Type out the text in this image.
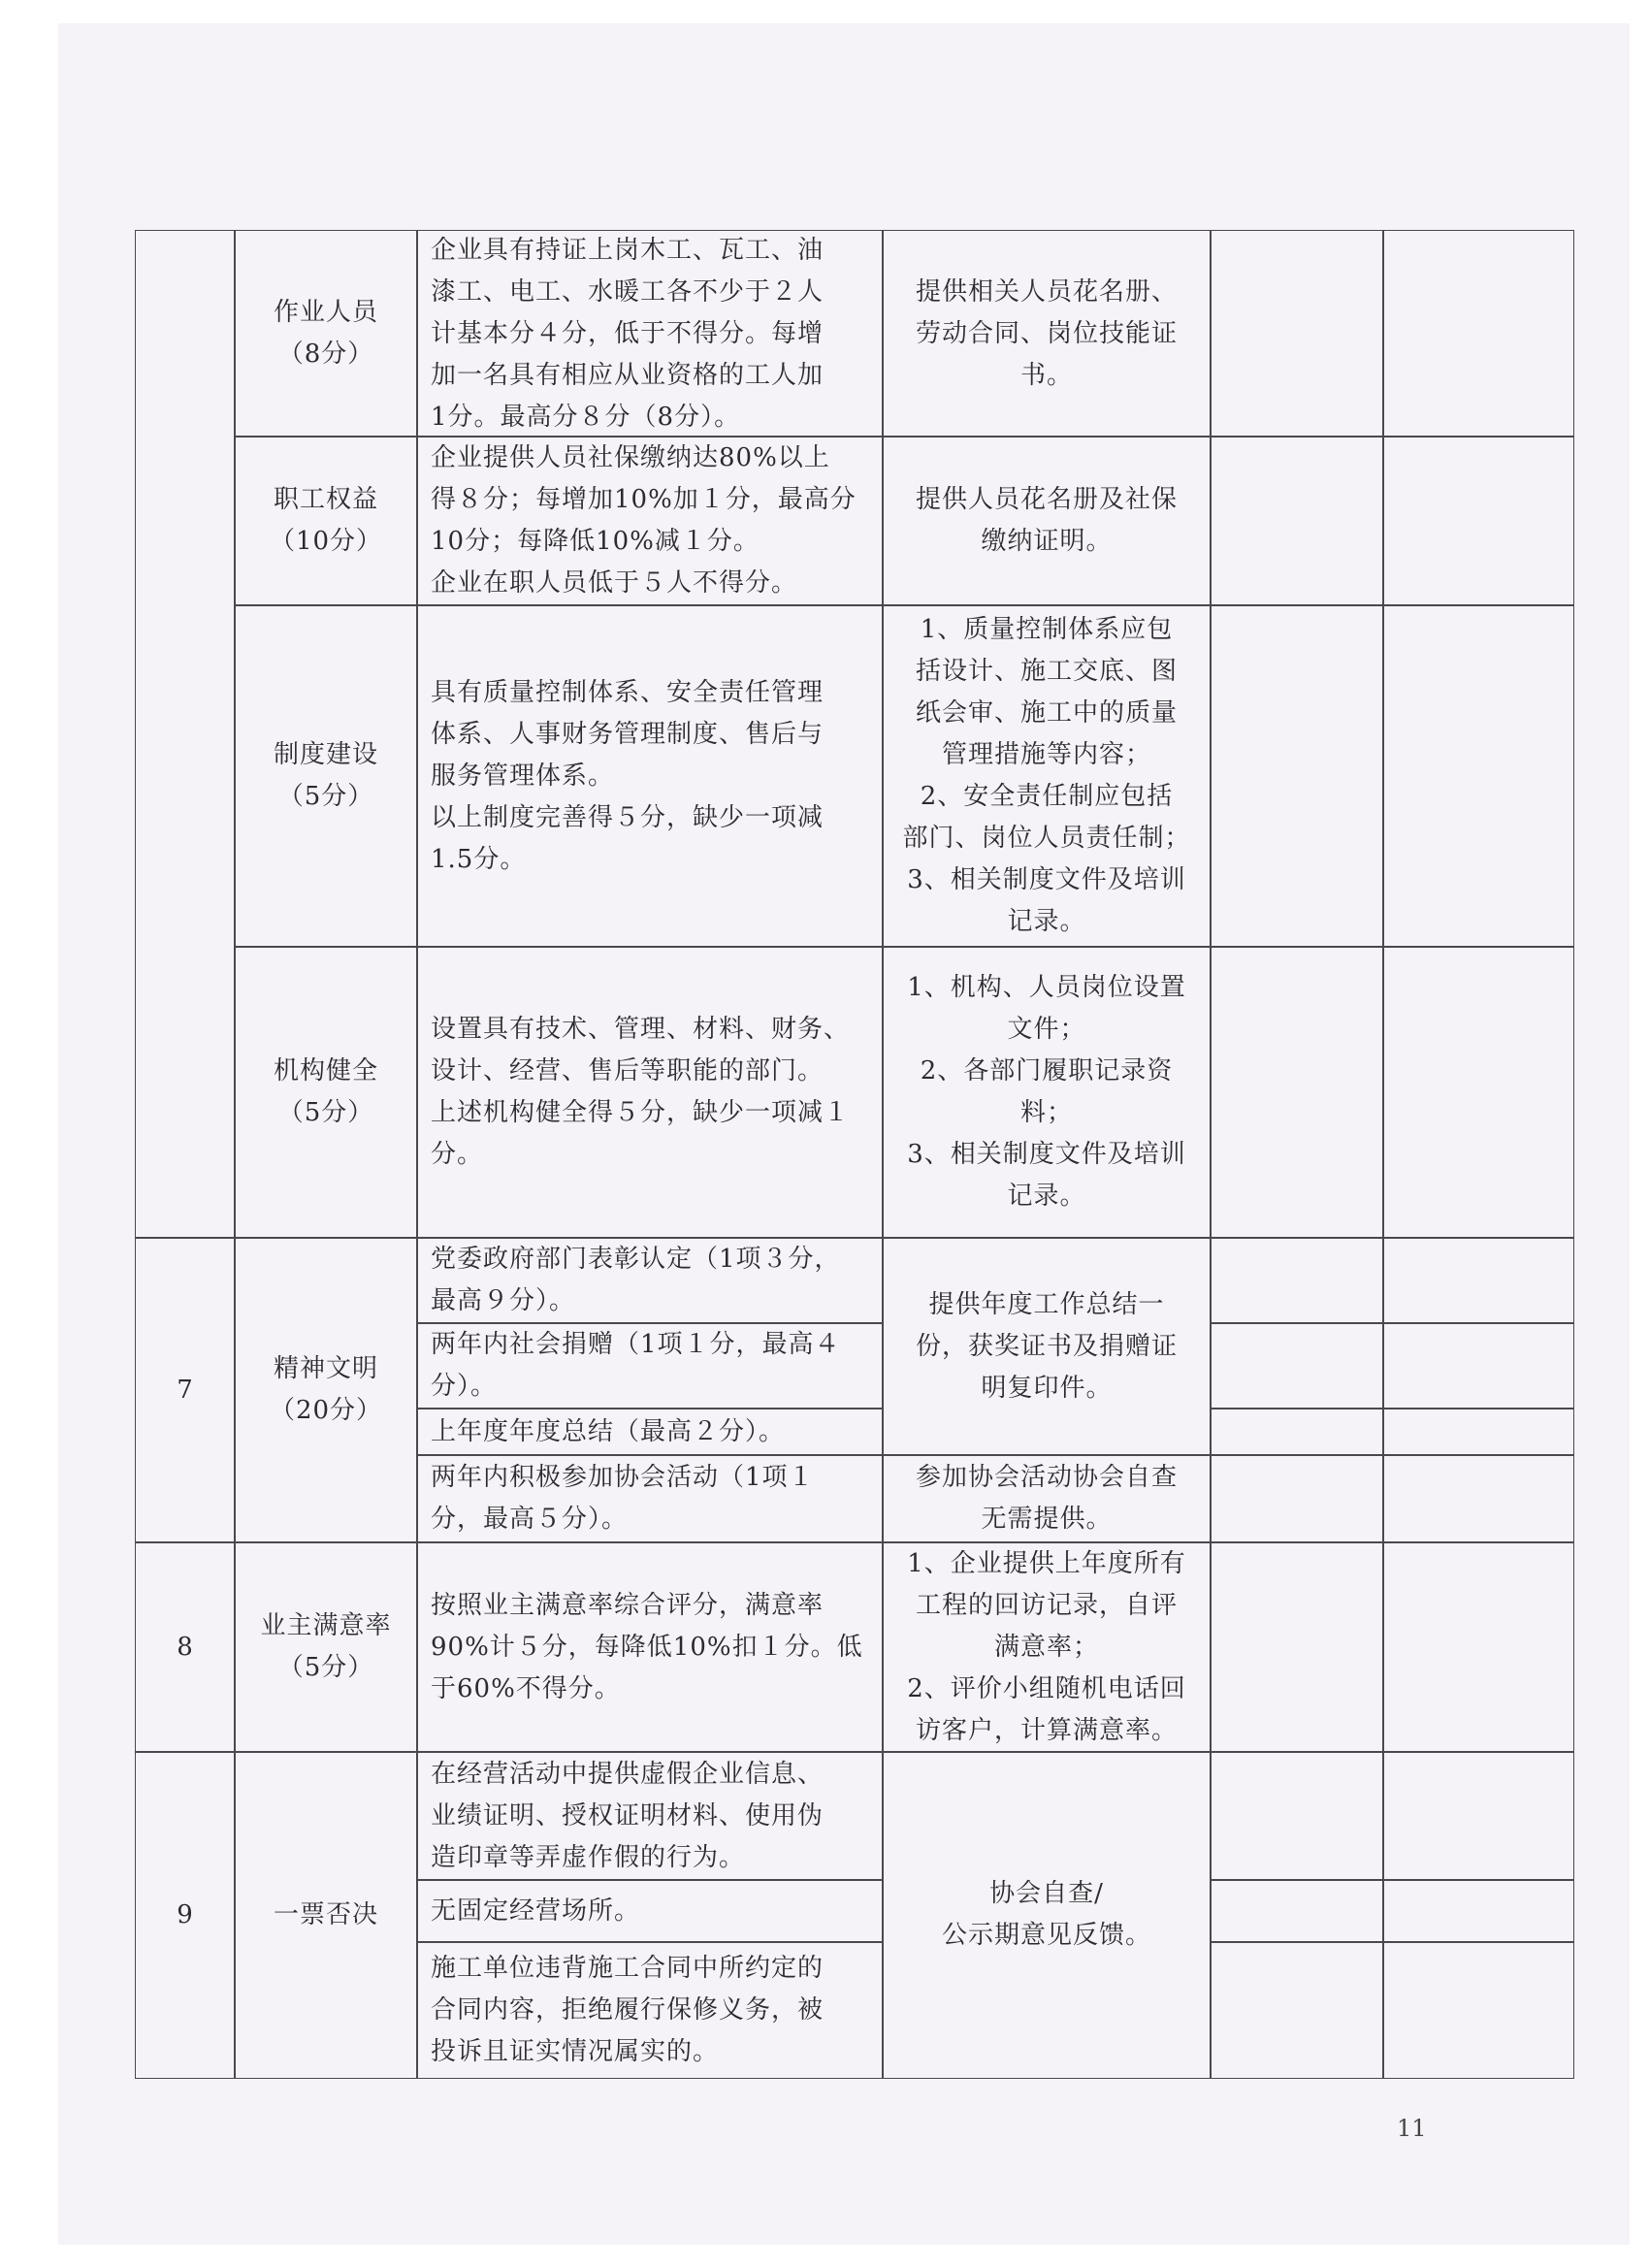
7
8
9
作业人员
（8分）
企业具有持证上岗木工、瓦工、油
漆工、电工、水暖工各不少于２人
计基本分４分，低于不得分。每增
加一名具有相应从业资格的工人加
1分。最高分８分（8分）。
提供相关人员花名册、
劳动合同、岗位技能证
书。
职工权益
（10分）
企业提供人员社保缴纳达80%以上
得８分；每增加10%加１分，最高分
10分；每降低10%减１分。
企业在职人员低于５人不得分。
提供人员花名册及社保
缴纳证明。
制度建设
（5分）
具有质量控制体系、安全责任管理
体系、人事财务管理制度、售后与
服务管理体系。
以上制度完善得５分，缺少一项减
1.5分。
1、质量控制体系应包
括设计、施工交底、图
纸会审、施工中的质量
管理措施等内容；
2、安全责任制应包括
部门、岗位人员责任制；
3、相关制度文件及培训
记录。
机构健全
（5分）
设置具有技术、管理、材料、财务、
设计、经营、售后等职能的部门。
上述机构健全得５分，缺少一项减１
分。
1、机构、人员岗位设置
文件；
2、各部门履职记录资
料；
3、相关制度文件及培训
记录。
精神文明
（20分）
党委政府部门表彰认定（1项３分，
最高９分）。
两年内社会捐赠（1项１分，最高４
分）。
上年度年度总结（最高２分）。
两年内积极参加协会活动（1项１
分，最高５分）。
提供年度工作总结一
份，获奖证书及捐赠证
明复印件。
参加协会活动协会自查
无需提供。
业主满意率
（5分）
按照业主满意率综合评分，满意率
90%计５分，每降低10%扣１分。低
于60%不得分。
1、企业提供上年度所有
工程的回访记录，自评
满意率；
2、评价小组随机电话回
访客户，计算满意率。
一票否决
在经营活动中提供虚假企业信息、
业绩证明、授权证明材料、使用伪
造印章等弄虚作假的行为。
无固定经营场所。
施工单位违背施工合同中所约定的
合同内容，拒绝履行保修义务，被
投诉且证实情况属实的。
协会自查/
公示期意见反馈。
11
